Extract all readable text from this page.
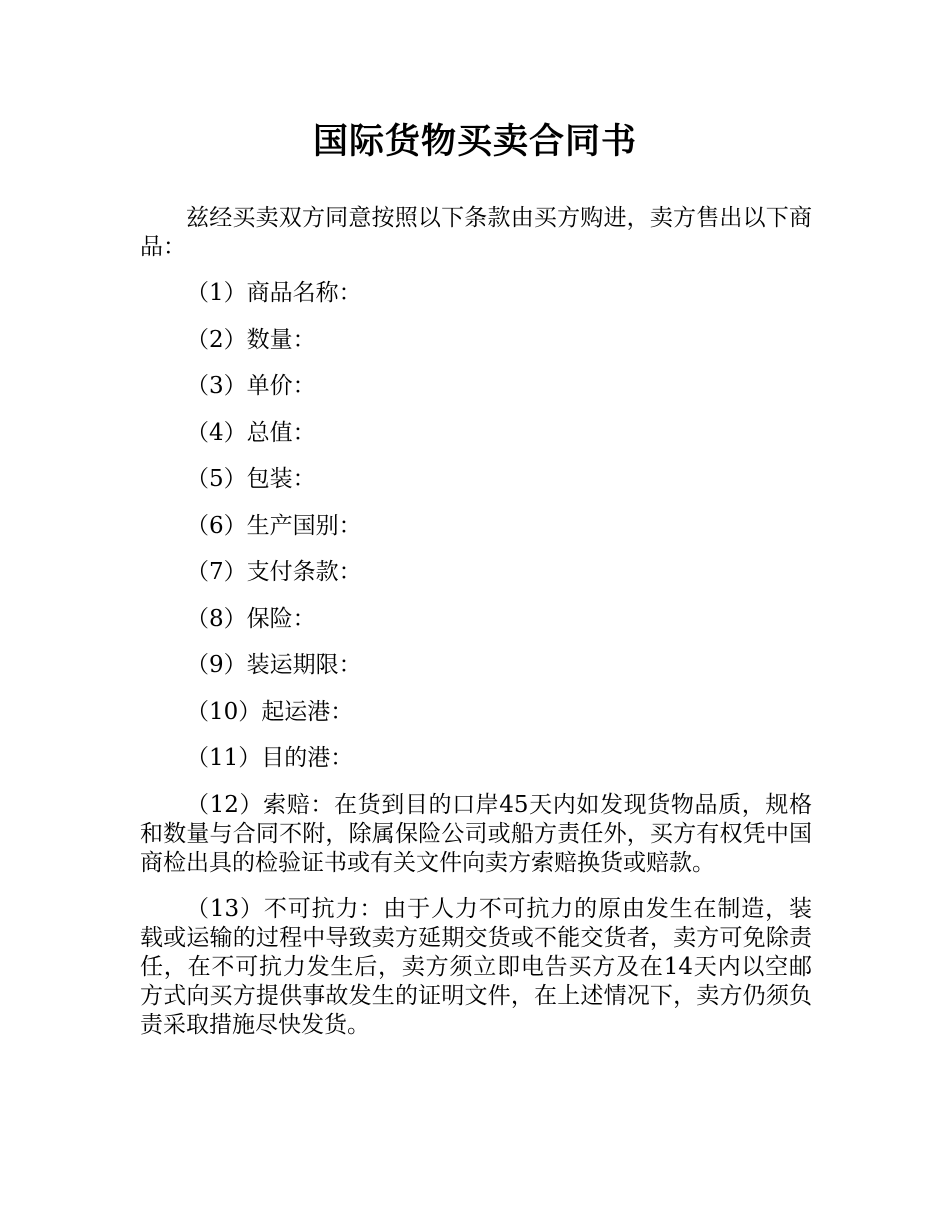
国际货物买卖合同书

兹经买卖双方同意按照以下条款由买方购进，卖方售出以下商品：

（1）商品名称：
（2）数量：
（3）单价：
（4）总值：
（5）包装：
（6）生产国别：
（7）支付条款：
（8）保险：
（9）装运期限：
（10）起运港：
（11）目的港：

（12）索赔：在货到目的口岸45天内如发现货物品质，规格和数量与合同不附，除属保险公司或船方责任外，买方有权凭中国商检出具的检验证书或有关文件向卖方索赔换货或赔款。

（13）不可抗力：由于人力不可抗力的原由发生在制造，装载或运输的过程中导致卖方延期交货或不能交货者，卖方可免除责任，在不可抗力发生后，卖方须立即电告买方及在14天内以空邮方式向买方提供事故发生的证明文件，在上述情况下，卖方仍须负责采取措施尽快发货。
